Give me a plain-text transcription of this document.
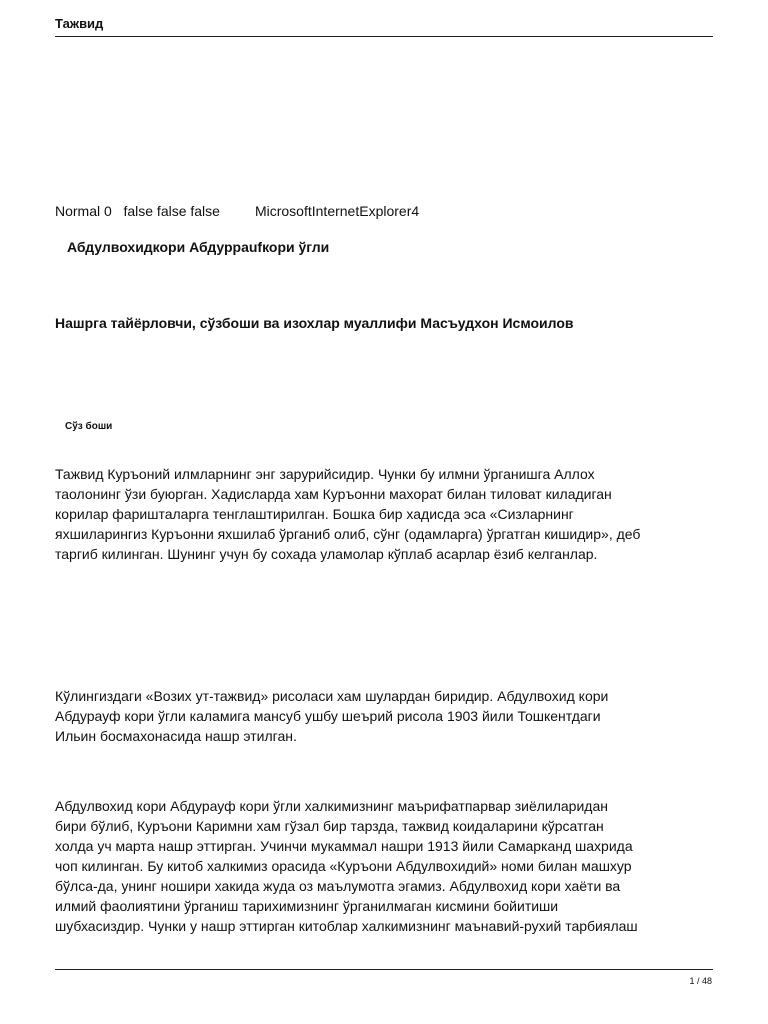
Тажвид
Normal 0   false false false         MicrosoftInternetExplorer4
Абдулвохидкори Абдурраufкори ўгли
Нашрга тайёрловчи, сўзбоши ва изохлар муаллифи Масъудхон Исмоилов
Сўз боши
Тажвид Куръоний илмларнинг энг зарурийсидир. Чунки бу илмни ўрганишга Аллох
таолонинг ўзи буюрган. Хадисларда хам Куръонни махорат билан тиловат киладиган
корилар фаришталарга тенглаштирилган. Бошка бир хадисда эса «Сизларнинг
яхшиларингиз Куръонни яхшилаб ўрганиб олиб, сўнг (одамларга) ўргатган кишидир», деб
таргиб килинган. Шунинг учун бу сохада уламолар кўплаб асарлар ёзиб келганлар.
Кўлингиздаги «Возих ут-тажвид» рисоласи хам шулардан биридир. Абдулвохид кори
Абдурауф кори ўгли каламига мансуб ушбу шеърий рисола 1903 йили Тошкентдаги
Ильин босмахонасида нашр этилган.
Абдулвохид кори Абдурауф кори ўгли халкимизнинг маърифатпарвар зиёлиларидан
бири бўлиб, Куръони Каримни хам гўзал бир тарзда, тажвид коидаларини кўрсатган
холда уч марта нашр эттирган. Учинчи мукаммал нашри 1913 йили Самарканд шахрида
чоп килинган. Бу китоб халкимиз орасида «Куръони Абдулвохидий» номи билан машхур
бўлса-да, унинг ношири хакида жуда оз маълумотга эгамиз. Абдулвохид кори хаёти ва
илмий фаолиятини ўрганиш тарихимизнинг ўрганилмаган кисмини бойитиши
шубхасиздир. Чунки у нашр эттирган китоблар халкимизнинг маънавий-рухий тарбиялаш
1 / 48
